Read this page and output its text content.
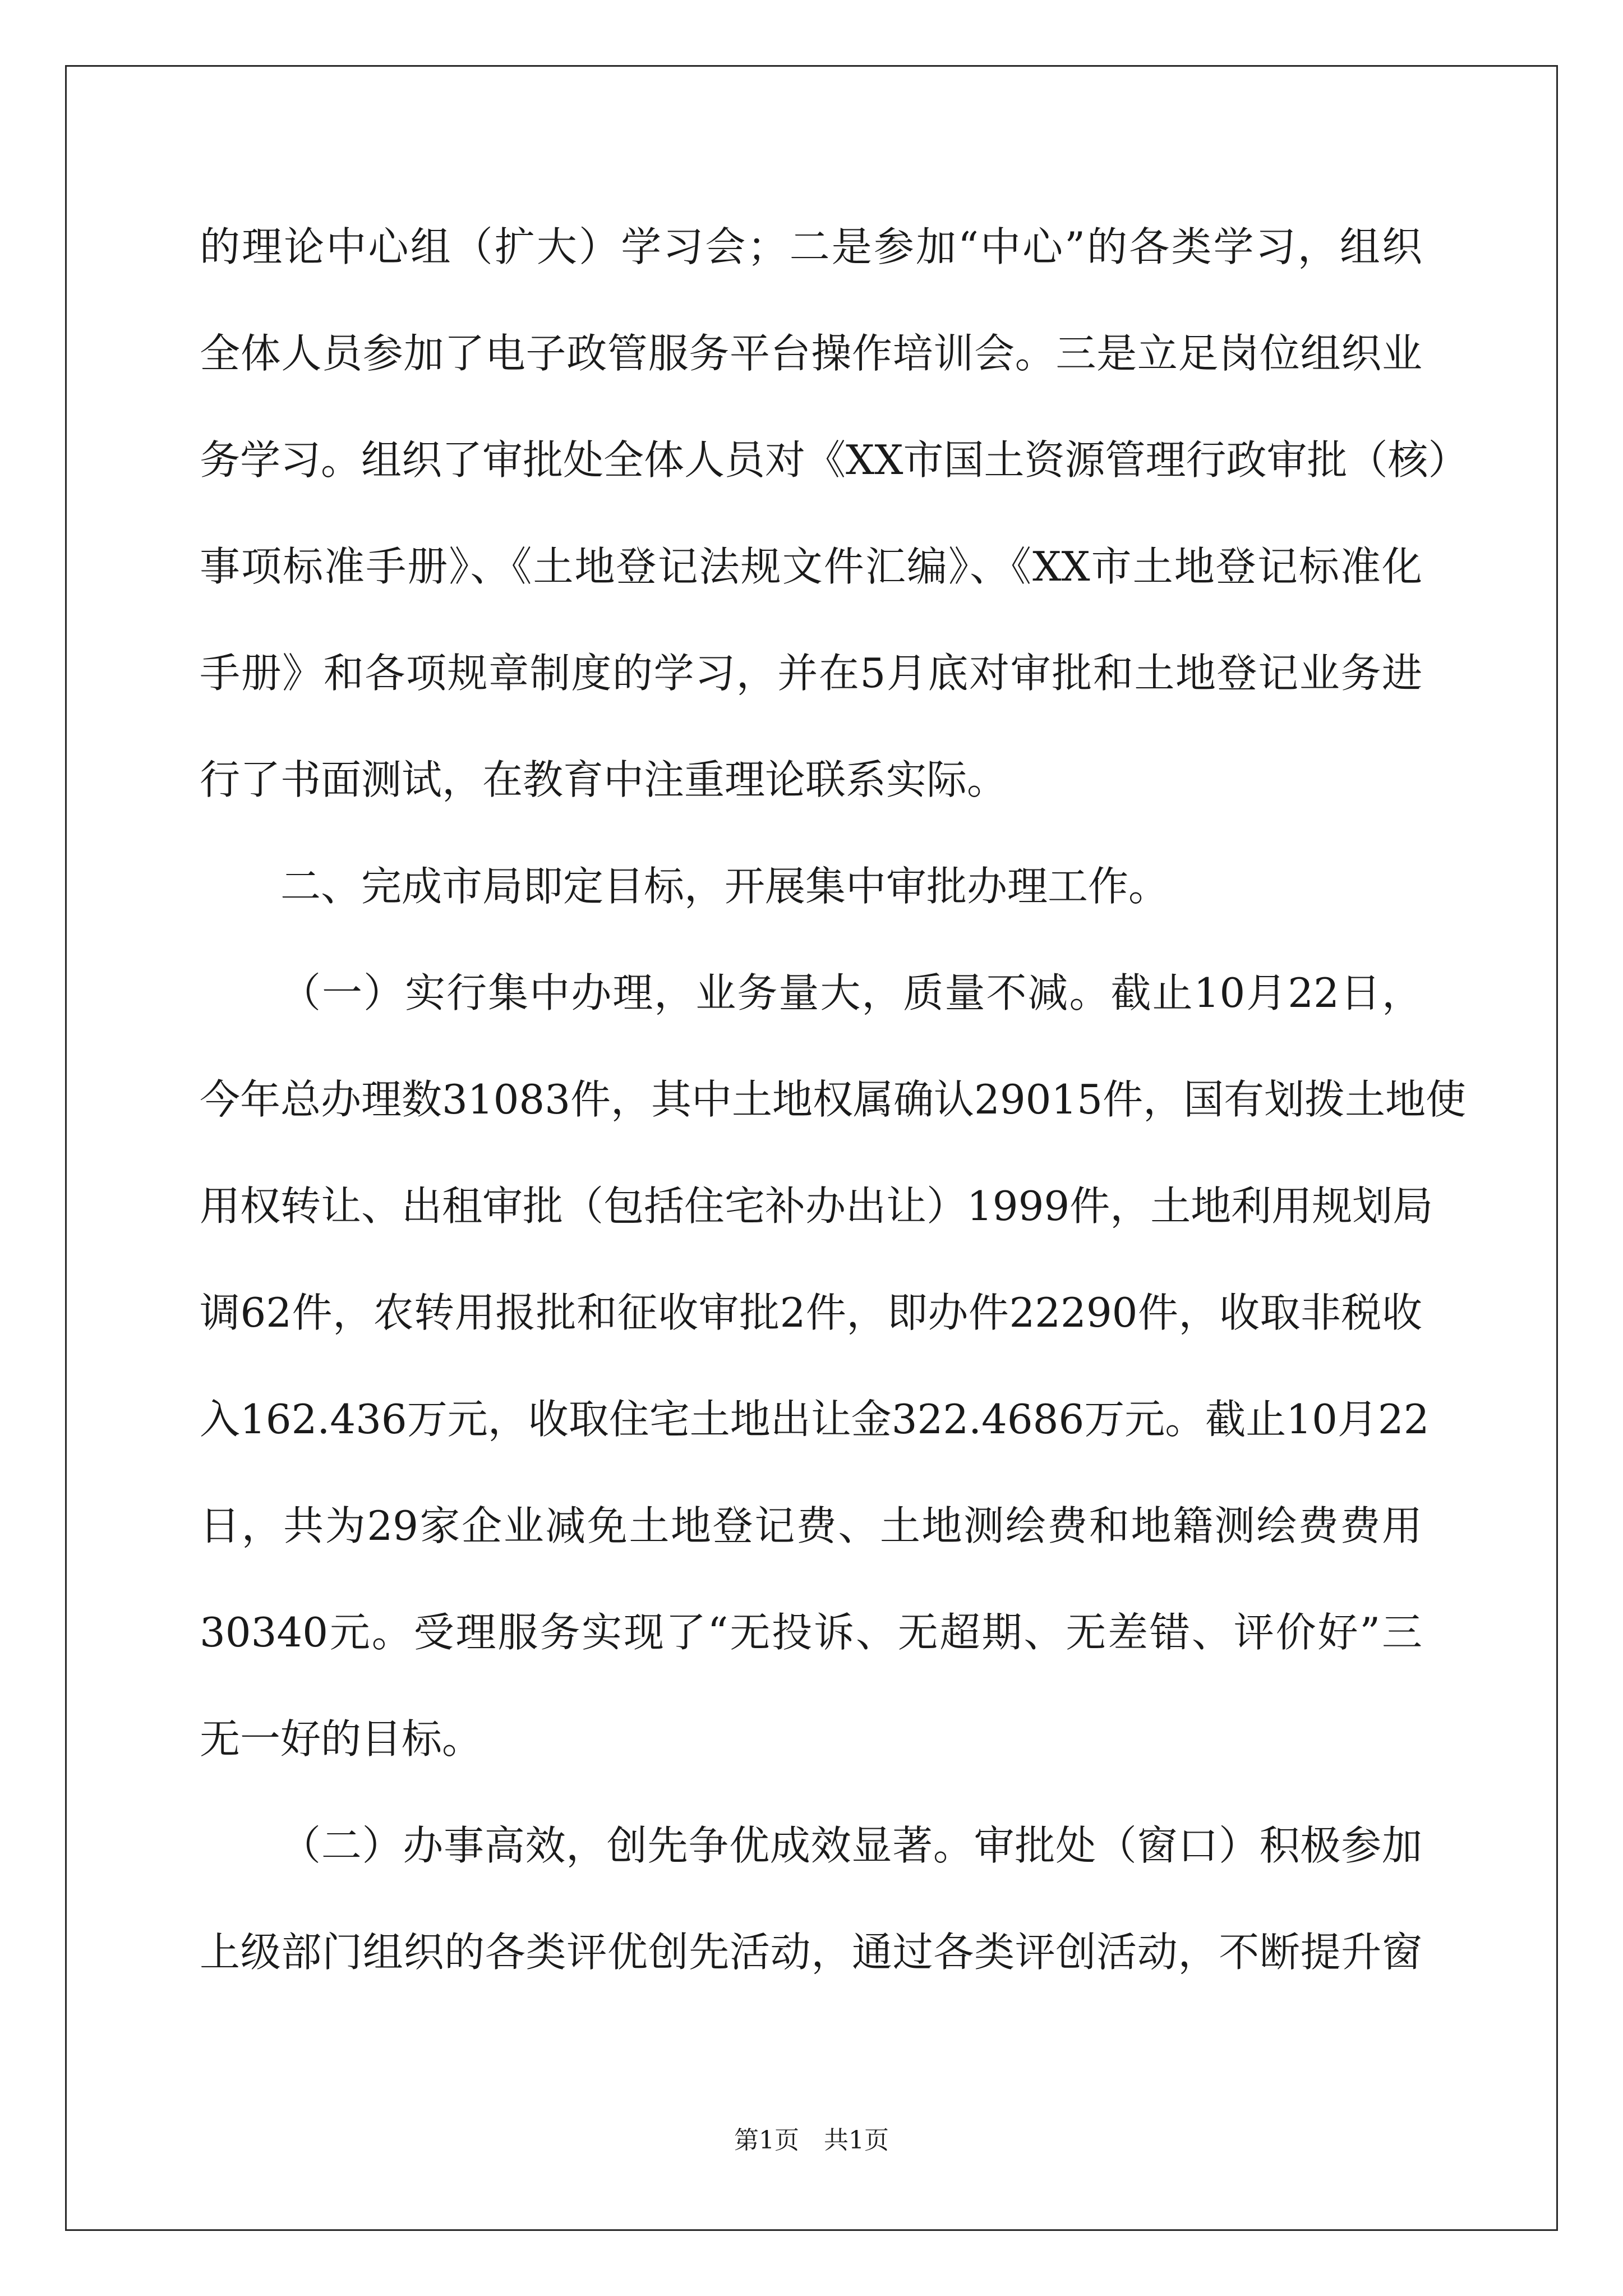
的理论中心组（扩大）学习会；二是参加“中心”的各类学习，组织

全体人员参加了电子政管服务平台操作培训会。三是立足岗位组织业

务学习。组织了审批处全体人员对《XX市国土资源管理行政审批（核）

事项标准手册》、《土地登记法规文件汇编》、《XX市土地登记标准化

手册》和各项规章制度的学习，并在5月底对审批和土地登记业务进

行了书面测试，在教育中注重理论联系实际。

二、完成市局即定目标，开展集中审批办理工作。

（一）实行集中办理，业务量大，质量不减。截止10月22日，

今年总办理数31083件，其中土地权属确认29015件，国有划拨土地使

用权转让、出租审批（包括住宅补办出让）1999件，土地利用规划局

调62件，农转用报批和征收审批2件，即办件22290件，收取非税收

入162.436万元，收取住宅土地出让金322.4686万元。截止10月22

日，共为29家企业减免土地登记费、土地测绘费和地籍测绘费费用

30340元。受理服务实现了“无投诉、无超期、无差错、评价好”三

无一好的目标。

（二）办事高效，创先争优成效显著。审批处（窗口）积极参加

上级部门组织的各类评优创先活动，通过各类评创活动，不断提升窗

第1页 共1页
